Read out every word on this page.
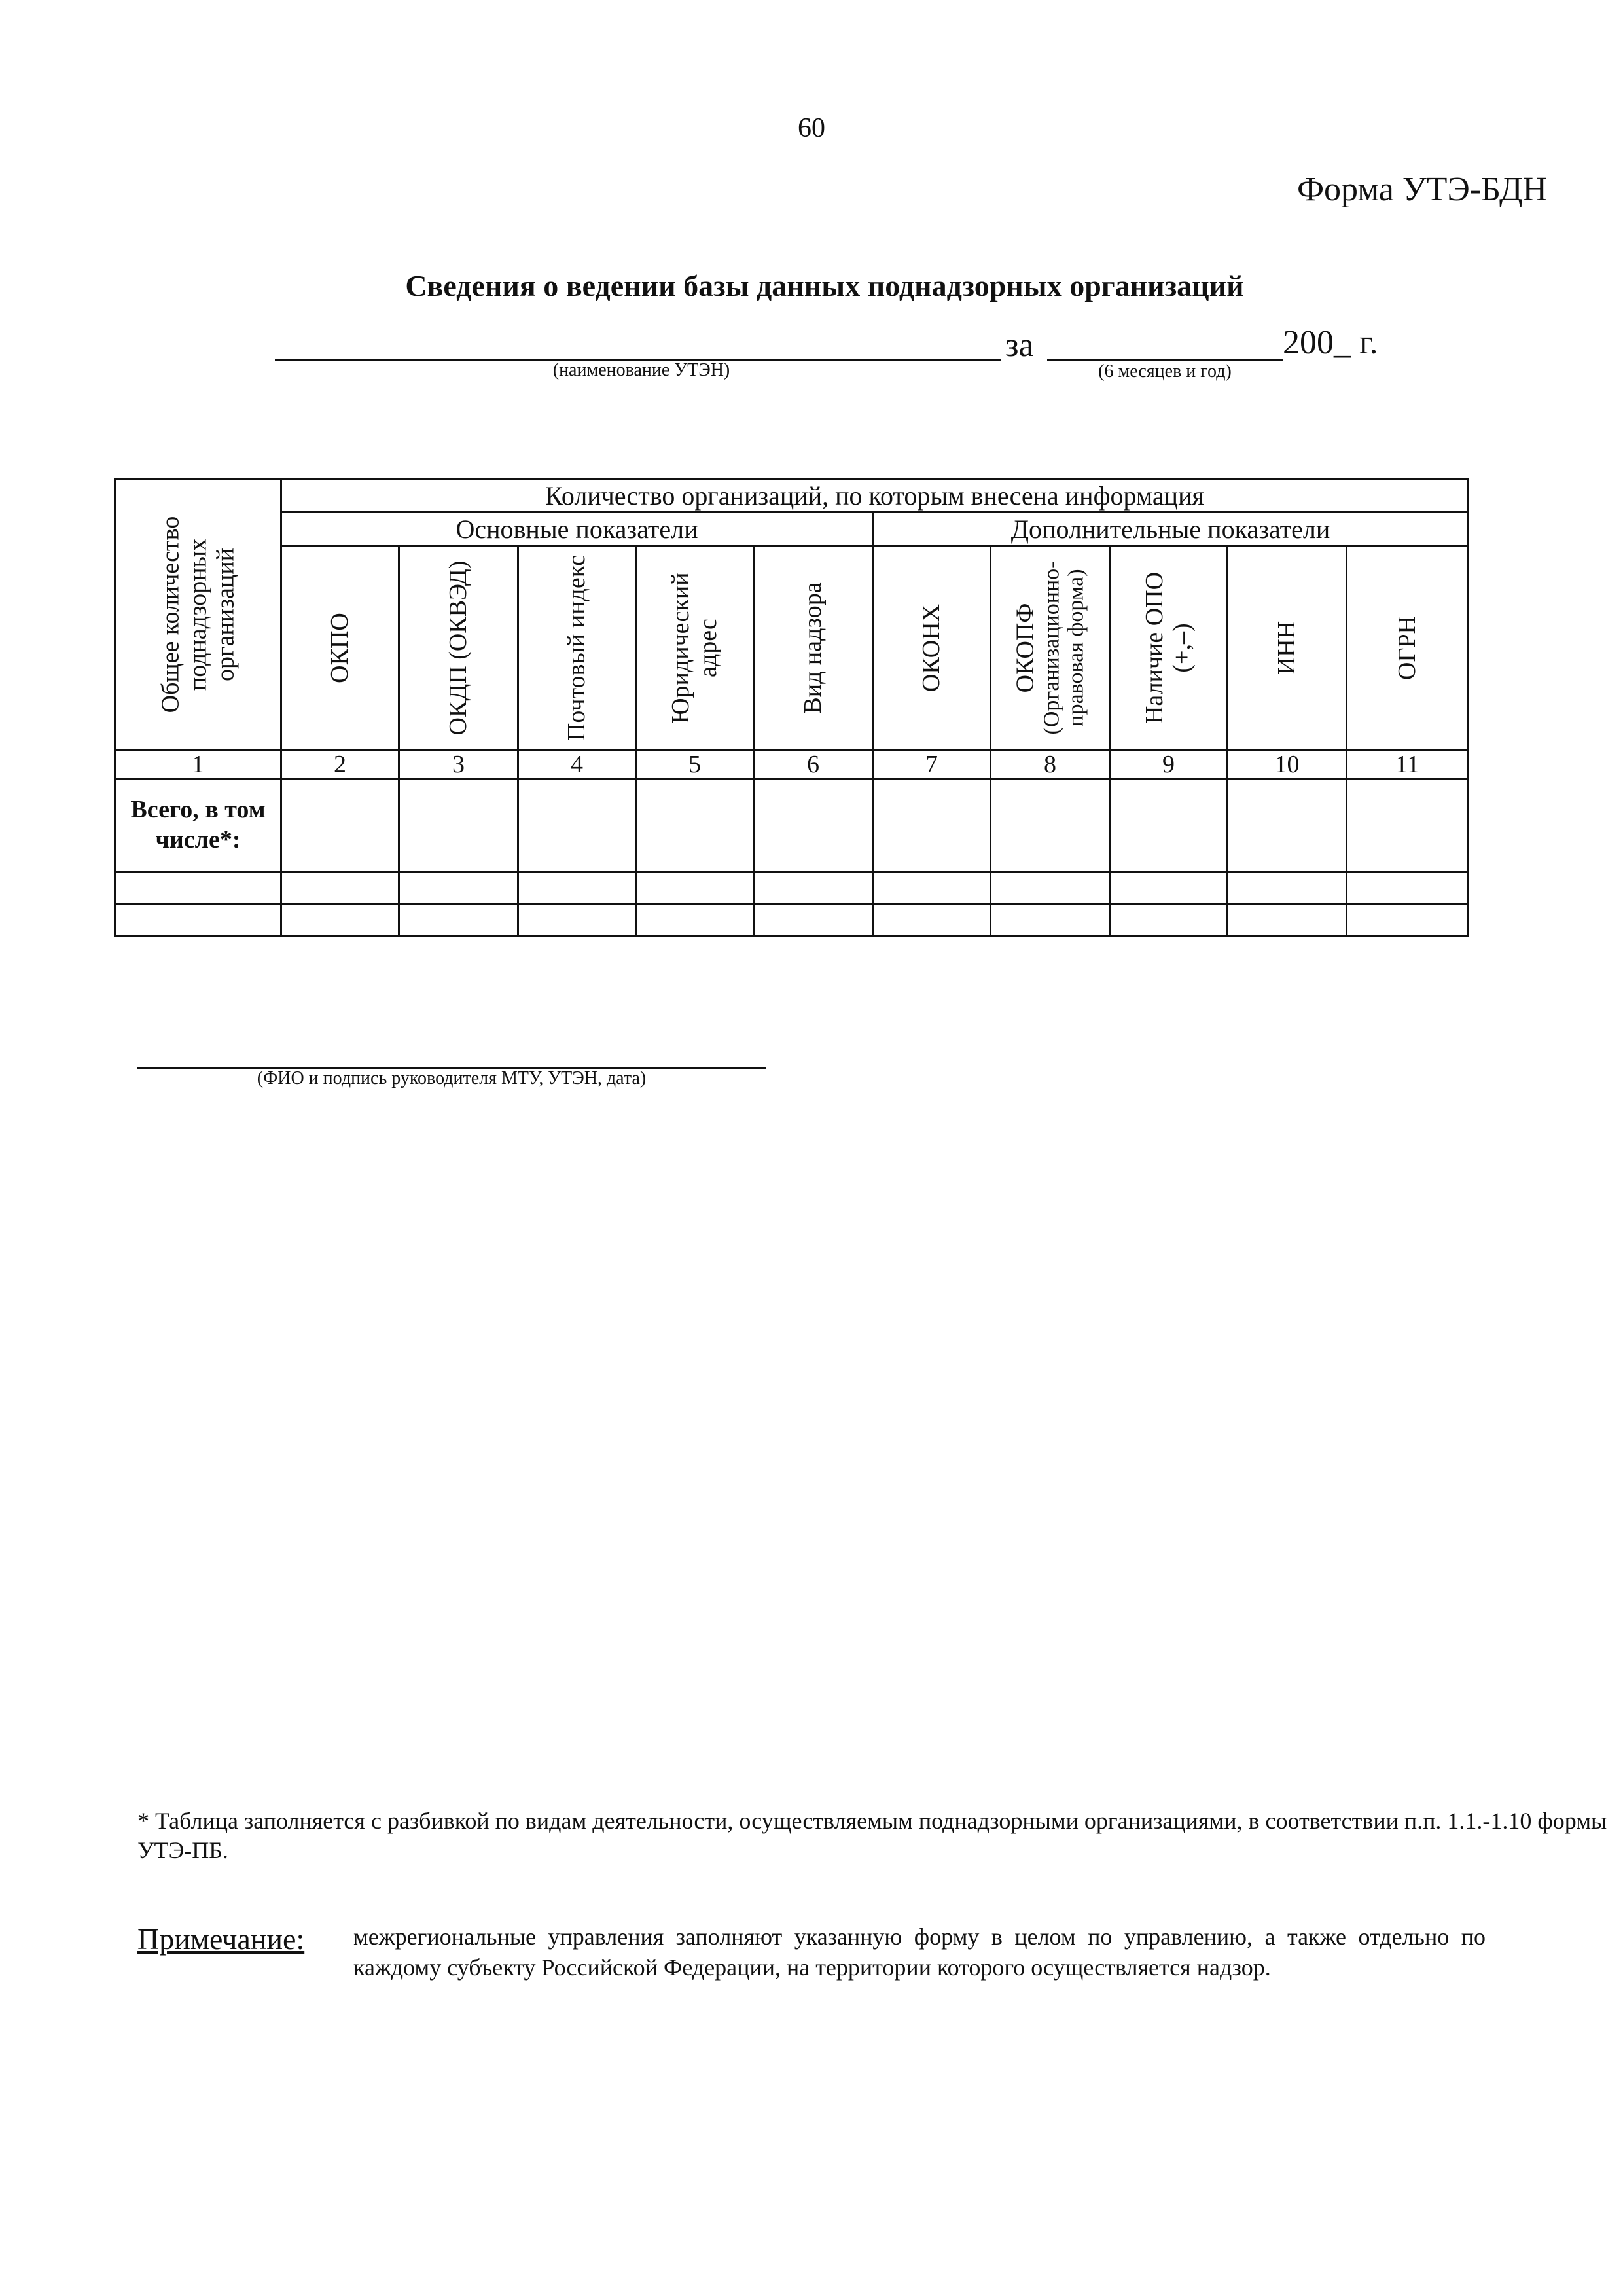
60
Форма УТЭ-БДН
Сведения о ведении базы данных поднадзорных организаций
(наименование УТЭН)
за
(6 месяцев и год)
200_ г.
Общее количество поднадзорных организаций	Количество организаций, по которым внесена информация									
	Основные показатели					Дополнительные показатели				

	ОКПО	ОКДП (ОКВЭД)	Почтовый индекс	Юридический адрес	Вид надзора	ОКОНХ	ОКОПФ (Организационно- правовая форма)	Наличие ОПО (+,–)	ИНН	ОГРН

1	2	3	4	5	6	7	8	9	10	11
Всего, в том числе*:										

(ФИО и подпись руководителя МТУ, УТЭН, дата)
* Таблица заполняется с разбивкой по видам деятельности, осуществляемым поднадзорными организациями, в соответствии п.п. 1.1.-1.10 формы УТЭ-ПБ.
Примечание: межрегиональные управления заполняют указанную форму в целом по управлению, а также отдельно по каждому субъекту Российской Федерации, на территории которого осуществляется надзор.
